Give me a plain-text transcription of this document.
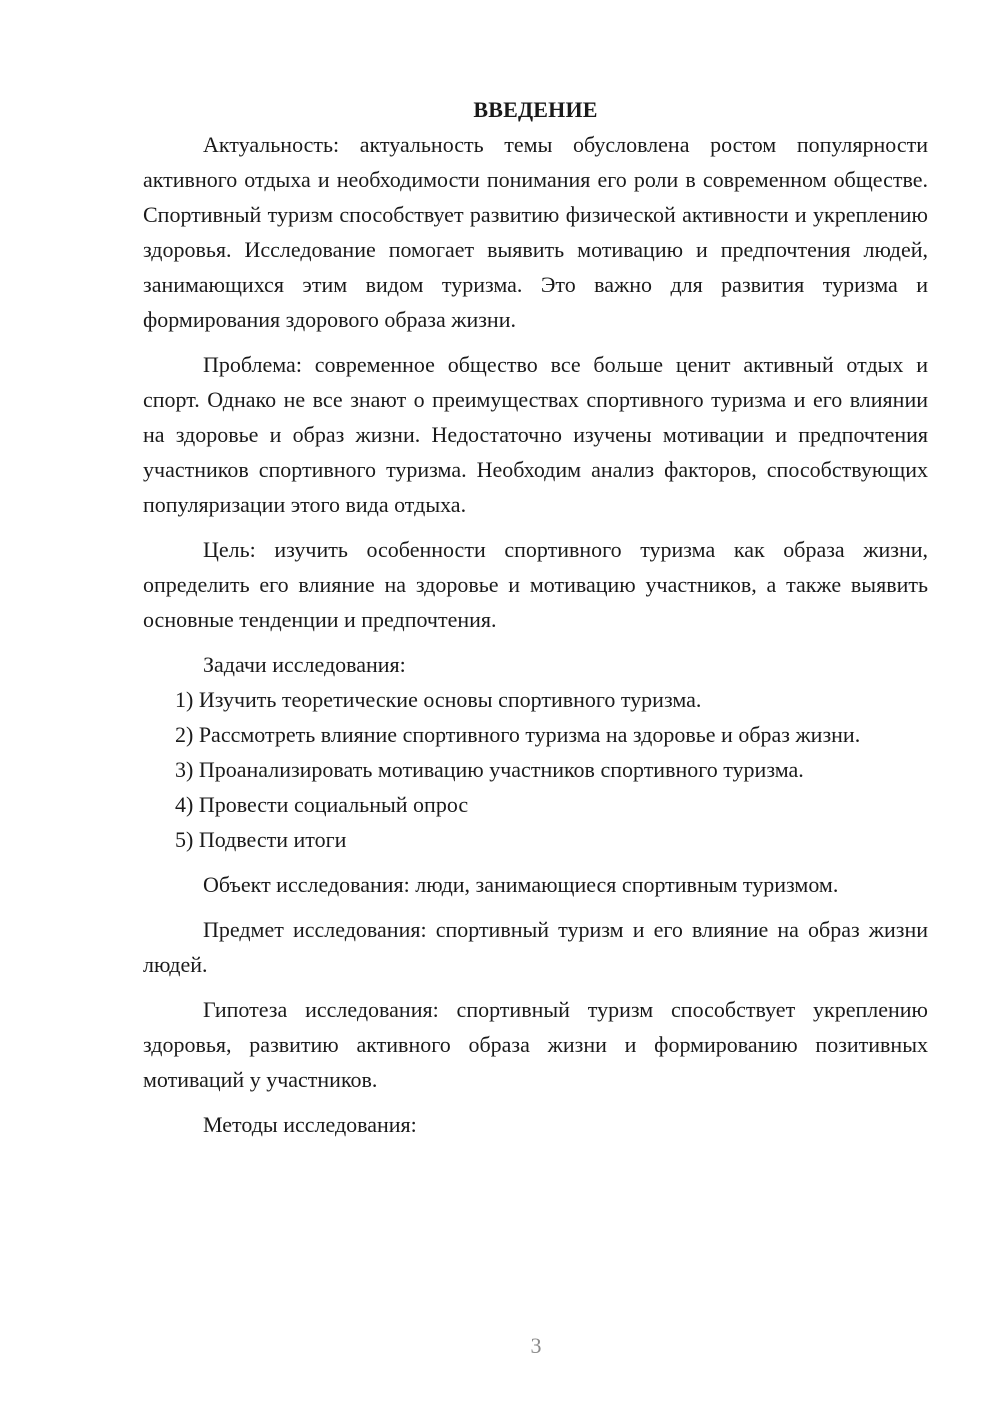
ВВЕДЕНИЕ

Актуальность: актуальность темы обусловлена ростом популярности активного отдыха и необходимости понимания его роли в современном обществе. Спортивный туризм способствует развитию физической активности и укреплению здоровья. Исследование помогает выявить мотивацию и предпочтения людей, занимающихся этим видом туризма. Это важно для развития туризма и формирования здорового образа жизни.

Проблема: современное общество все больше ценит активный отдых и спорт. Однако не все знают о преимуществах спортивного туризма и его влиянии на здоровье и образ жизни. Недостаточно изучены мотивации и предпочтения участников спортивного туризма. Необходим анализ факторов, способствующих популяризации этого вида отдыха.

Цель: изучить особенности спортивного туризма как образа жизни, определить его влияние на здоровье и мотивацию участников, а также выявить основные тенденции и предпочтения.

Задачи исследования:

1) Изучить теоретические основы спортивного туризма.

2) Рассмотреть влияние спортивного туризма на здоровье и образ жизни.

3) Проанализировать мотивацию участников спортивного туризма.

4) Провести социальный опрос

5) Подвести итоги

Объект исследования: люди, занимающиеся спортивным туризмом.

Предмет исследования: спортивный туризм и его влияние на образ жизни людей.

Гипотеза исследования: спортивный туризм способствует укреплению здоровья, развитию активного образа жизни и формированию позитивных мотиваций у участников.

Методы исследования:

3
